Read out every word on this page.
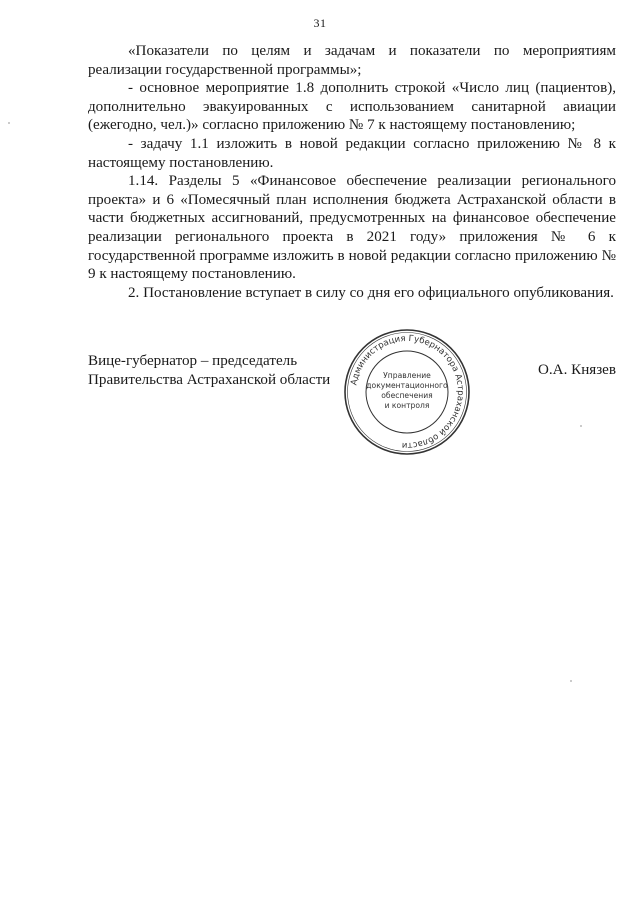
31

«Показатели по целям и задачам и показатели по мероприятиям реализации государственной программы»;

- основное мероприятие 1.8 дополнить строкой «Число лиц (пациентов), дополнительно эвакуированных с использованием санитарной авиации (ежегодно, чел.)» согласно приложению № 7 к настоящему постановлению;

- задачу 1.1 изложить в новой редакции согласно приложению № 8 к настоящему постановлению.

1.14. Разделы 5 «Финансовое обеспечение реализации регионального проекта» и 6 «Помесячный план исполнения бюджета Астраханской области в части бюджетных ассигнований, предусмотренных на финансовое обеспечение реализации регионального проекта в 2021 году» приложения № 6 к государственной программе изложить в новой редакции согласно приложению № 9 к настоящему постановлению.

2. Постановление вступает в силу со дня его официального опубликования.

Вице-губернатор – председатель
Правительства Астраханской области
О.А. Князев
Администрация Губернатора Астраханской области
Управление
документационного
обеспечения
и контроля
